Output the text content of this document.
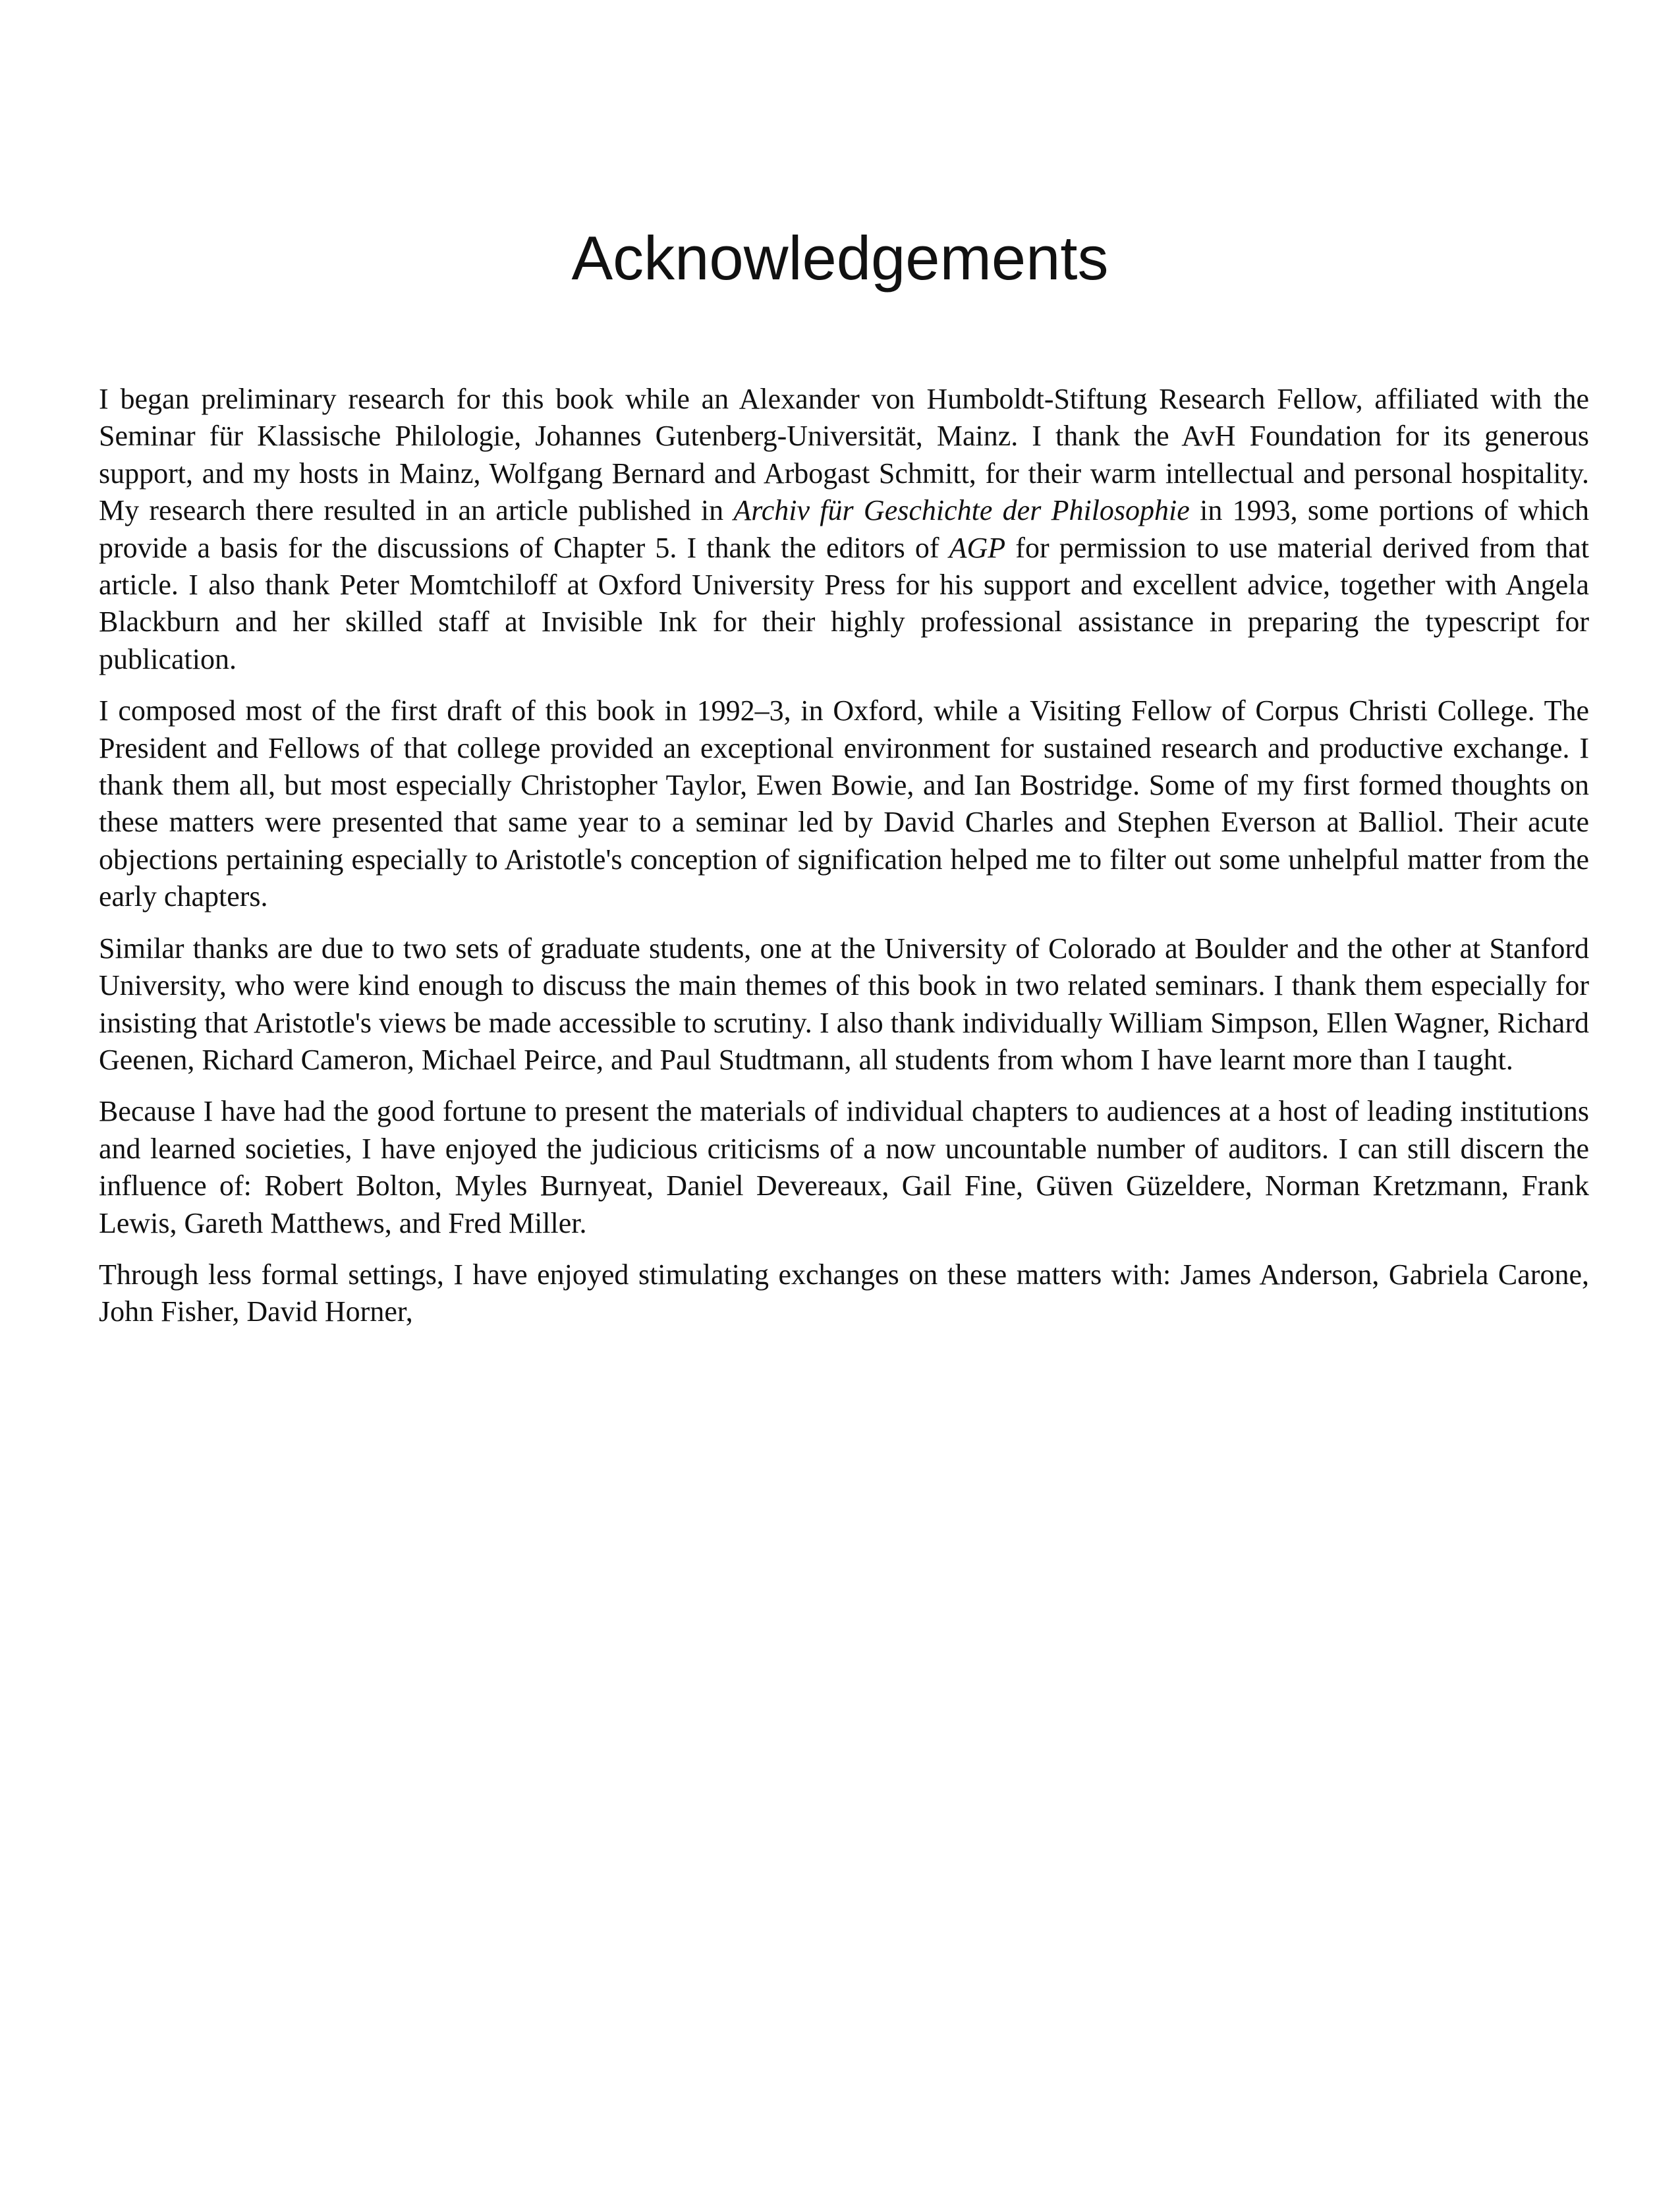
Acknowledgements

I began preliminary research for this book while an Alexander von Humboldt-Stiftung Research Fellow, affiliated with the Seminar für Klassische Philologie, Johannes Gutenberg-Universität, Mainz. I thank the AvH Foundation for its generous support, and my hosts in Mainz, Wolfgang Bernard and Arbogast Schmitt, for their warm intellectual and personal hospitality. My research there resulted in an article published in Archiv für Geschichte der Philosophie in 1993, some portions of which provide a basis for the discussions of Chapter 5. I thank the editors of AGP for permission to use material derived from that article. I also thank Peter Momtchiloff at Oxford University Press for his support and excellent advice, together with Angela Blackburn and her skilled staff at Invisible Ink for their highly professional assistance in preparing the typescript for publication.

I composed most of the first draft of this book in 1992–3, in Oxford, while a Visiting Fellow of Corpus Christi College. The President and Fellows of that college provided an exceptional environment for sustained research and productive exchange. I thank them all, but most especially Christopher Taylor, Ewen Bowie, and Ian Bostridge. Some of my first formed thoughts on these matters were presented that same year to a seminar led by David Charles and Stephen Everson at Balliol. Their acute objections pertaining especially to Aristotle's conception of signification helped me to filter out some unhelpful matter from the early chapters.

Similar thanks are due to two sets of graduate students, one at the University of Colorado at Boulder and the other at Stanford University, who were kind enough to discuss the main themes of this book in two related seminars. I thank them especially for insisting that Aristotle's views be made accessible to scrutiny. I also thank individually William Simpson, Ellen Wagner, Richard Geenen, Richard Cameron, Michael Peirce, and Paul Studtmann, all students from whom I have learnt more than I taught.

Because I have had the good fortune to present the materials of individual chapters to audiences at a host of leading institutions and learned societies, I have enjoyed the judicious criticisms of a now uncountable number of auditors. I can still discern the influence of: Robert Bolton, Myles Burnyeat, Daniel Devereaux, Gail Fine, Güven Güzeldere, Norman Kretzmann, Frank Lewis, Gareth Matthews, and Fred Miller.

Through less formal settings, I have enjoyed stimulating exchanges on these matters with: James Anderson, Gabriela Carone, John Fisher, David Horner,
